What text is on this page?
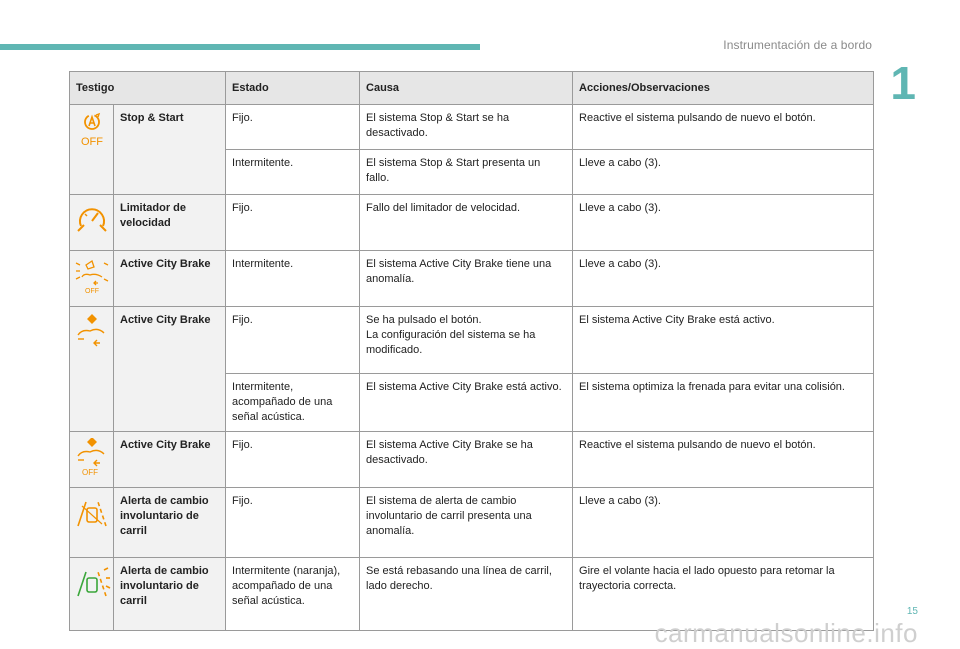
Instrumentación de a bordo
1
Testigo		Estado	Causa	Acciones/Observaciones

OFF	Stop & Start	Fijo.	El sistema Stop & Start se ha desactivado.	Reactive el sistema pulsando de nuevo el botón.
		Intermitente.	El sistema Stop & Start presenta un fallo.	Lleve a cabo (3).
	Limitador de velocidad	Fijo.	Fallo del limitador de velocidad.	Lleve a cabo (3).

OFF	Active City Brake	Intermitente.	El sistema Active City Brake tiene una anomalía.	Lleve a cabo (3).
	Active City Brake	Fijo.	Se ha pulsado el botón.
La configuración del sistema se ha modificado.	El sistema Active City Brake está activo.
		Intermitente, acompañado de una señal acústica.	El sistema Active City Brake está activo.	El sistema optimiza la frenada para evitar una colisión.

OFF	Active City Brake	Fijo.	El sistema Active City Brake se ha desactivado.	Reactive el sistema pulsando de nuevo el botón.
	Alerta de cambio involuntario de carril	Fijo.	El sistema de alerta de cambio involuntario de carril presenta una anomalía.	Lleve a cabo (3).
	Alerta de cambio involuntario de carril	Intermitente (naranja), acompañado de una señal acústica.	Se está rebasando una línea de carril, lado derecho.	Gire el volante hacia el lado opuesto para retomar la trayectoria correcta.
15
carmanualsonline.info
